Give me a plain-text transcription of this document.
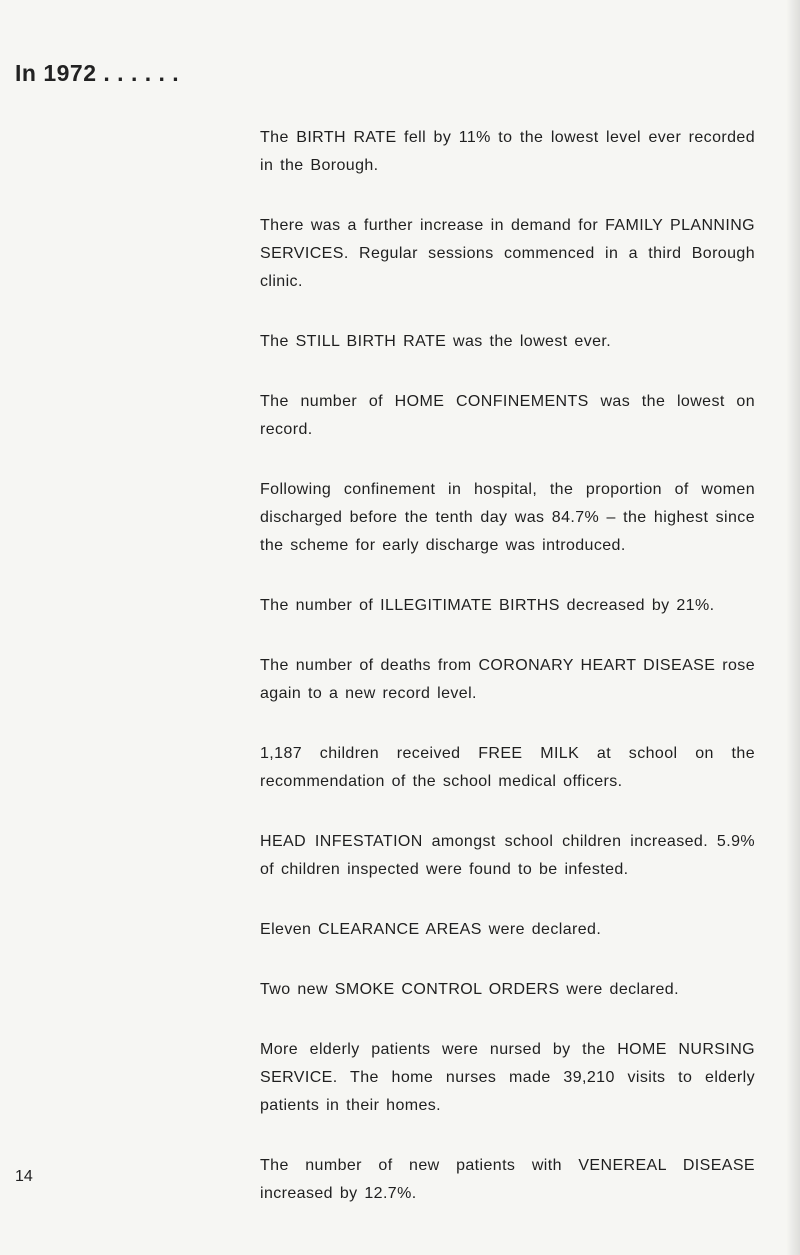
In 1972 . . . . . .

The BIRTH RATE fell by 11% to the lowest level ever recorded in the Borough.

There was a further increase in demand for FAMILY PLANNING SERVICES. Regular sessions commenced in a third Borough clinic.

The STILL BIRTH RATE was the lowest ever.

The number of HOME CONFINEMENTS was the lowest on record.

Following confinement in hospital, the proportion of women discharged before the tenth day was 84.7% – the highest since the scheme for early discharge was introduced.

The number of ILLEGITIMATE BIRTHS decreased by 21%.

The number of deaths from CORONARY HEART DISEASE rose again to a new record level.

1,187 children received FREE MILK at school on the recommendation of the school medical officers.

HEAD INFESTATION amongst school children increased. 5.9% of children inspected were found to be infested.

Eleven CLEARANCE AREAS were declared.

Two new SMOKE CONTROL ORDERS were declared.

More elderly patients were nursed by the HOME NURSING SERVICE. The home nurses made 39,210 visits to elderly patients in their homes.

The number of new patients with VENEREAL DISEASE increased by 12.7%.

14
